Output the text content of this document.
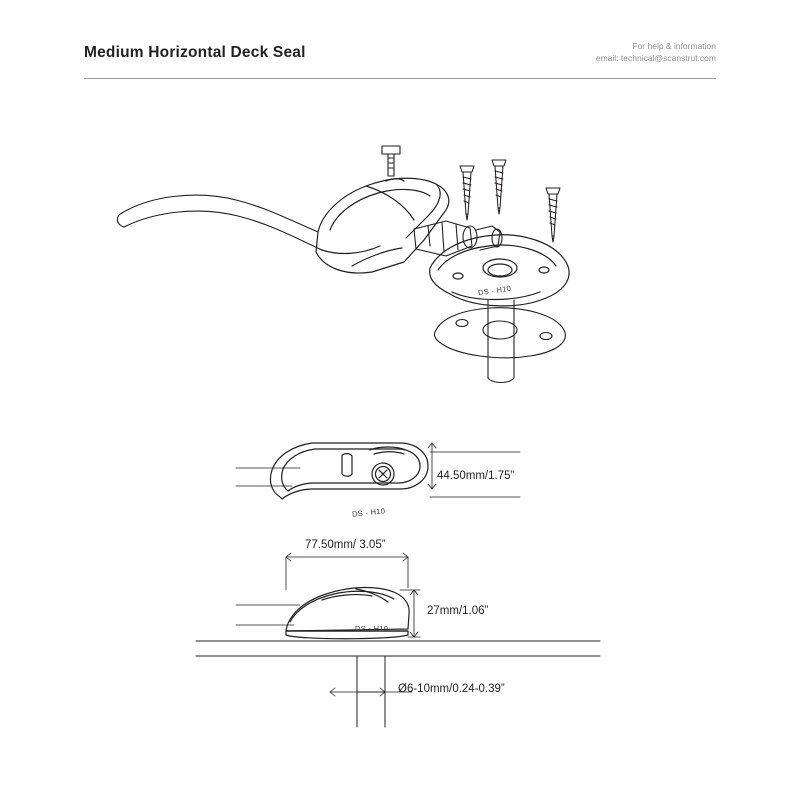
Medium Horizontal Deck Seal	For help & information
email: technical@scanstrut.com
DS - H10
DS - H10
DS - H10
44.50mm/1.75”
77.50mm/ 3.05”
27mm/1.06”
Ø6-10mm/0.24-0.39”
